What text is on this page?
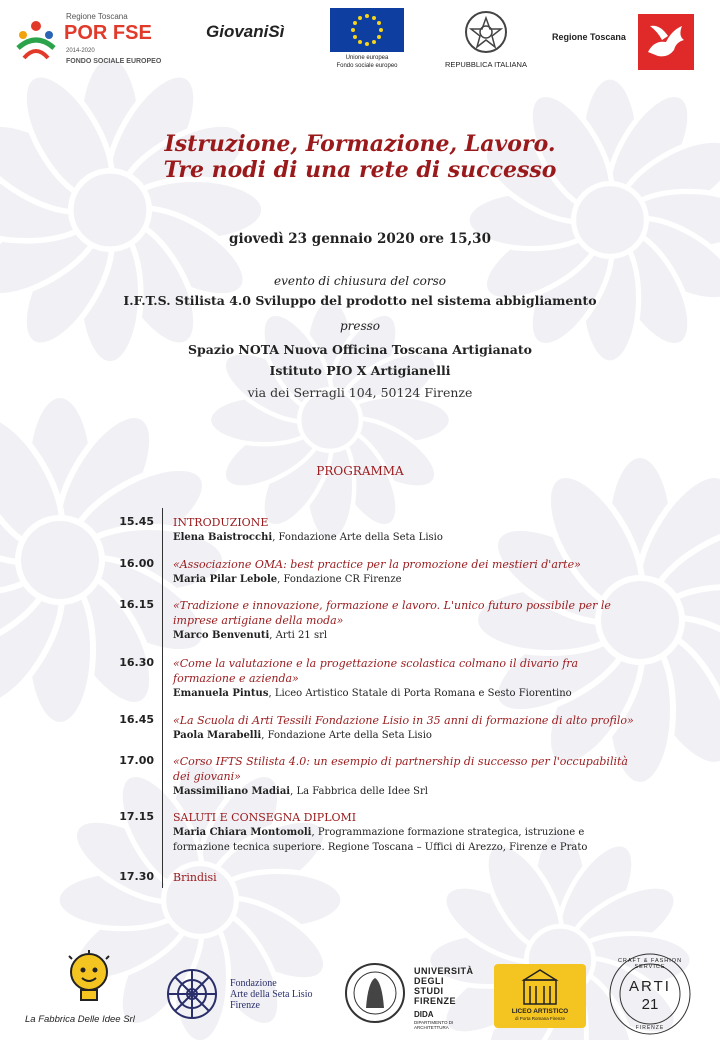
Regione Toscana
POR FSE
2014-2020
FONDO SOCIALE EUROPEO
GiovaniSì
Unione europea
Fondo sociale europeo	REPUBBLICA ITALIANA
Regione Toscana
Istruzione, Formazione, Lavoro.
Tre nodi di una rete di successo
giovedì 23 gennaio 2020 ore 15,30
evento di chiusura del corso
I.F.T.S. Stilista 4.0 Sviluppo del prodotto nel sistema abbigliamento
presso
Spazio NOTA Nuova Officina Toscana Artigianato
Istituto PIO X Artigianelli
via dei Serragli 104, 50124 Firenze
PROGRAMMA
15.45 INTRODUZIONE
Elena Baistrocchi, Fondazione Arte della Seta Lisio
16.00 «Associazione OMA: best practice per la promozione dei mestieri d'arte»
Maria Pilar Lebole, Fondazione CR Firenze
16.15 «Tradizione e innovazione, formazione e lavoro. L'unico futuro possibile per le
imprese artigiane della moda»
Marco Benvenuti, Arti 21 srl
16.30 «Come la valutazione e la progettazione scolastica colmano il divario fra
formazione e azienda»
Emanuela Pintus, Liceo Artistico Statale di Porta Romana e Sesto Fiorentino
16.45 «La Scuola di Arti Tessili Fondazione Lisio in 35 anni di formazione di alto profilo»
Paola Marabelli, Fondazione Arte della Seta Lisio
17.00 «Corso IFTS Stilista 4.0: un esempio di partnership di successo per l'occupabilità
dei giovani»
Massimiliano Madiai, La Fabbrica delle Idee Srl
17.15 SALUTI E CONSEGNA DIPLOMI
Maria Chiara Montomoli, Programmazione formazione strategica, istruzione e
formazione tecnica superiore. Regione Toscana – Uffici di Arezzo, Firenze e Prato
17.30 Brindisi
La Fabbrica Delle Idee Srl
Fondazione
Arte della Seta Lisio
Firenze
UNIVERSITÀ
DEGLI STUDI
FIRENZE
DIDA
DIPARTIMENTO DI ARCHITETTURA
LICEO ARTISTICO
di Porta Romana Firenze
CRAFT & FASHION SERVICE
ARTI
21
FIRENZE
